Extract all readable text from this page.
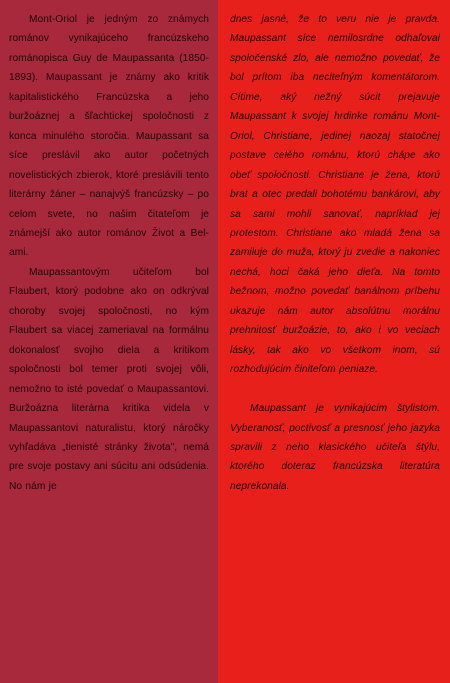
Mont-Oriol je jedným zo známych románov vynikajúceho francúzskeho románopisca Guy de Maupassanta (1850-1893). Maupassant je známy ako kritik kapitalistického Francúzska a jeho buržoáznej a šľachtickej spoločnosti z konca minulého storočia. Maupassant sa síce preslávil ako autor početných novelistických zbierok, ktoré preslávili tento literárny žáner – nanajvýš francúzsky – po celom svete, no našim čitateľom je známejší ako autor románov Život a Bel-ami.

Maupassantovým učiteľom bol Flaubert, ktorý podobne ako on odkrýval choroby svojej spoločnosti, no kým Flaubert sa viacej zameriaval na formálnu dokonalosť svojho diela a kritikom spoločnosti bol temer proti svojej vôli, nemožno to isté povedať o Maupassantovi. Buržoázna literárna kritika videla v Maupassantovi naturalistu, ktorý náročky vyhľadáva „tienisté stránky života", nemá pre svoje postavy ani súcitu ani odsúdenia. No nám je

dnes jasné, že to veru nie je pravda. Maupassant síce nemilosrdne odhaľoval spoločenské zlo, ale nemožno povedať, že bol prítom iba neciteľným komentátorom. Cítime, aký nežný súcit prejavuje Maupassant k svojej hrdinke románu Mont-Oriol, Christiane, jedinej naozaj statočnej postave celého románu, ktorú chápe ako obeť spoločnosti. Christiane je žena, ktorú brat a otec predali bohotému bankárovi, aby sa sami mohli sanovať, napríklad jej protestom. Christiane ako mladá žena sa zamiluje do muža, ktorý ju zvedie a nakoniec nechá, hoci čaká jeho dieťa. Na tomto bežnom, možno povedať banálnom príbehu ukazuje nám autor absolútnu morálnu prehnitosť buržoázie, to, ako i vo veciach lásky, tak ako vo všetkom inom, sú rozhodujúcim činiteľom peniaze.

Maupassant je vynikajúcim štylistom. Vyberanosť, poctivosť a presnosť jeho jazyka spravili z neho klasického učiteľa štýlu, ktorého doteraz francúzska literatúra neprekonala.
